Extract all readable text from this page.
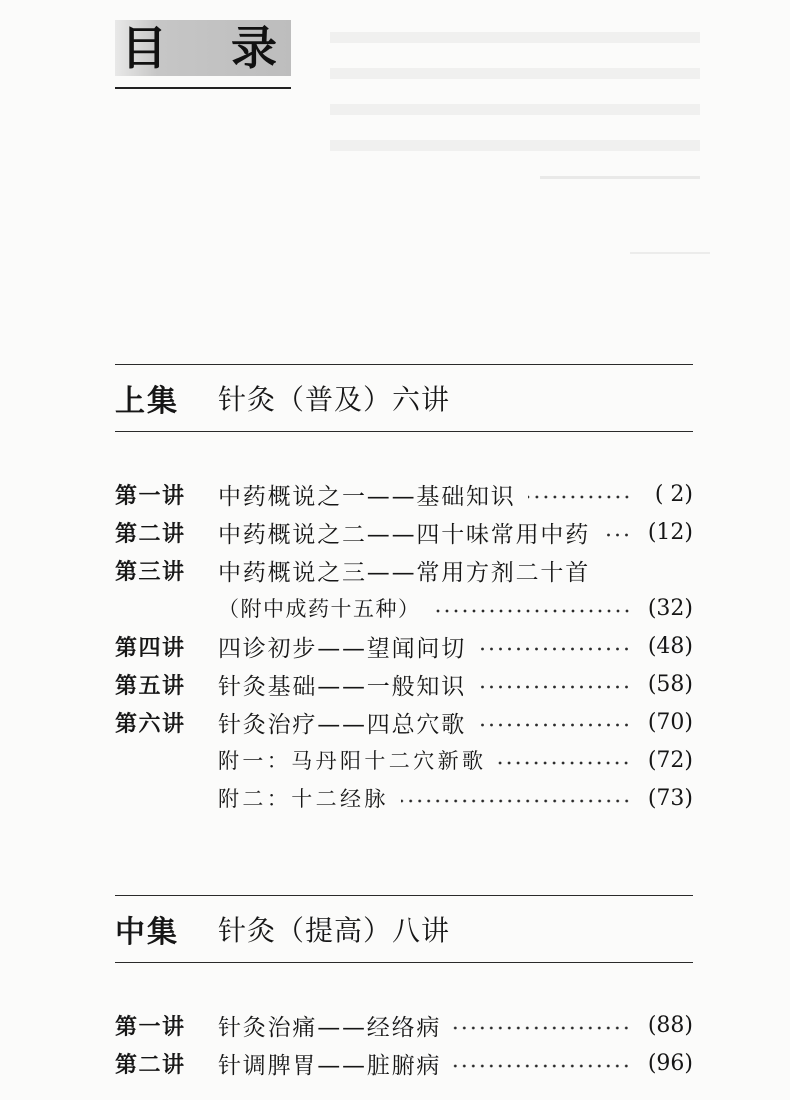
目 录
上集	针灸（普及）六讲
第一讲	中药概说之一——基础知识	( 2)
第二讲	中药概说之二——四十味常用中药	(12)
第三讲	中药概说之三——常用方剂二十首
（附中成药十五种）	(32)
第四讲	四诊初步——望闻问切	(48)
第五讲	针灸基础——一般知识	(58)
第六讲	针灸治疗——四总穴歌	(70)
附一：马丹阳十二穴新歌	(72)
附二：十二经脉	(73)
中集	针灸（提高）八讲
第一讲	针灸治痛——经络病	(88)
第二讲	针调脾胃——脏腑病	(96)
